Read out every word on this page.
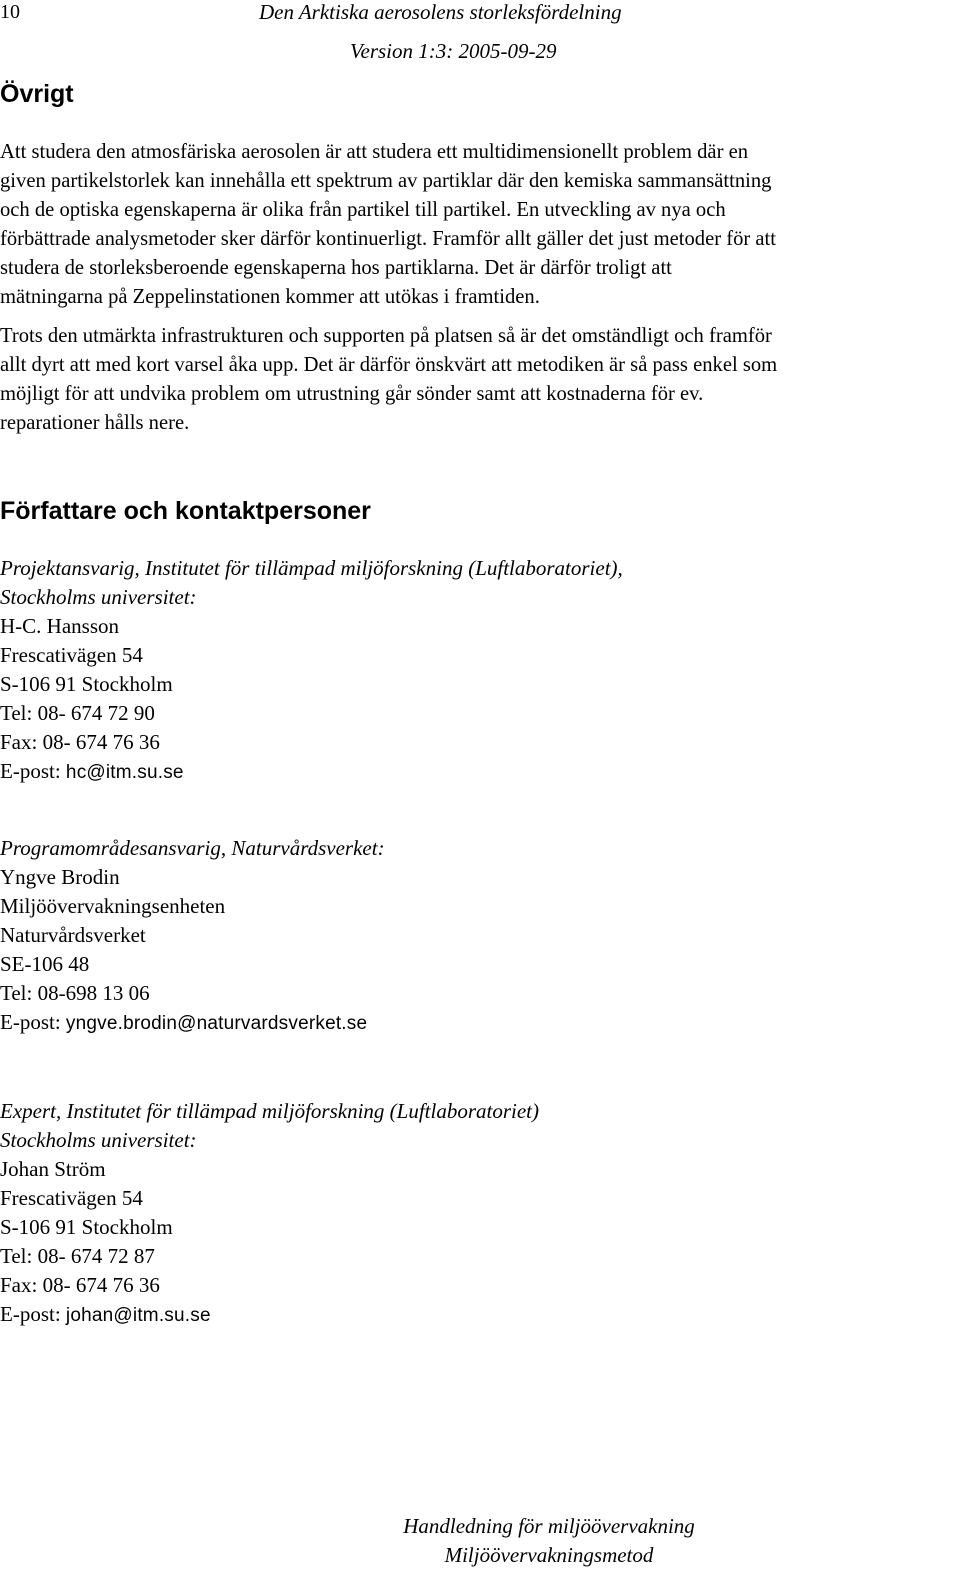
10	Den Arktiska aerosolens storleksfördelning
Version 1:3: 2005-09-29
Övrigt
Att studera den atmosfäriska aerosolen är att studera ett multidimensionellt problem där en
given partikelstorlek kan innehålla ett spektrum av partiklar där den kemiska sammansättning
och de optiska egenskaperna är olika från partikel till partikel. En utveckling av nya och
förbättrade analysmetoder sker därför kontinuerligt. Framför allt gäller det just metoder för att
studera de storleksberoende egenskaperna hos partiklarna. Det är därför troligt att
mätningarna på Zeppelinstationen kommer att utökas i framtiden.
Trots den utmärkta infrastrukturen och supporten på platsen så är det omständligt och framför
allt dyrt att med kort varsel åka upp. Det är därför önskvärt att metodiken är så pass enkel som
möjligt för att undvika problem om utrustning går sönder samt att kostnaderna för ev.
reparationer hålls nere.
Författare och kontaktpersoner
Projektansvarig, Institutet för tillämpad miljöforskning (Luftlaboratoriet),
Stockholms universitet:
H-C. Hansson
Frescativägen 54
S-106 91 Stockholm
Tel: 08- 674 72 90
Fax: 08- 674 76 36
E-post: hc@itm.su.se
Programområdesansvarig, Naturvårdsverket:
Yngve Brodin
Miljöövervakningsenheten
Naturvårdsverket
SE-106 48
Tel: 08-698 13 06
E-post: yngve.brodin@naturvardsverket.se
Expert, Institutet för tillämpad miljöforskning (Luftlaboratoriet)
Stockholms universitet:
Johan Ström
Frescativägen 54
S-106 91 Stockholm
Tel: 08- 674 72 87
Fax: 08- 674 76 36
E-post: johan@itm.su.se
Handledning för miljöövervakning
Miljöövervakningsmetod
